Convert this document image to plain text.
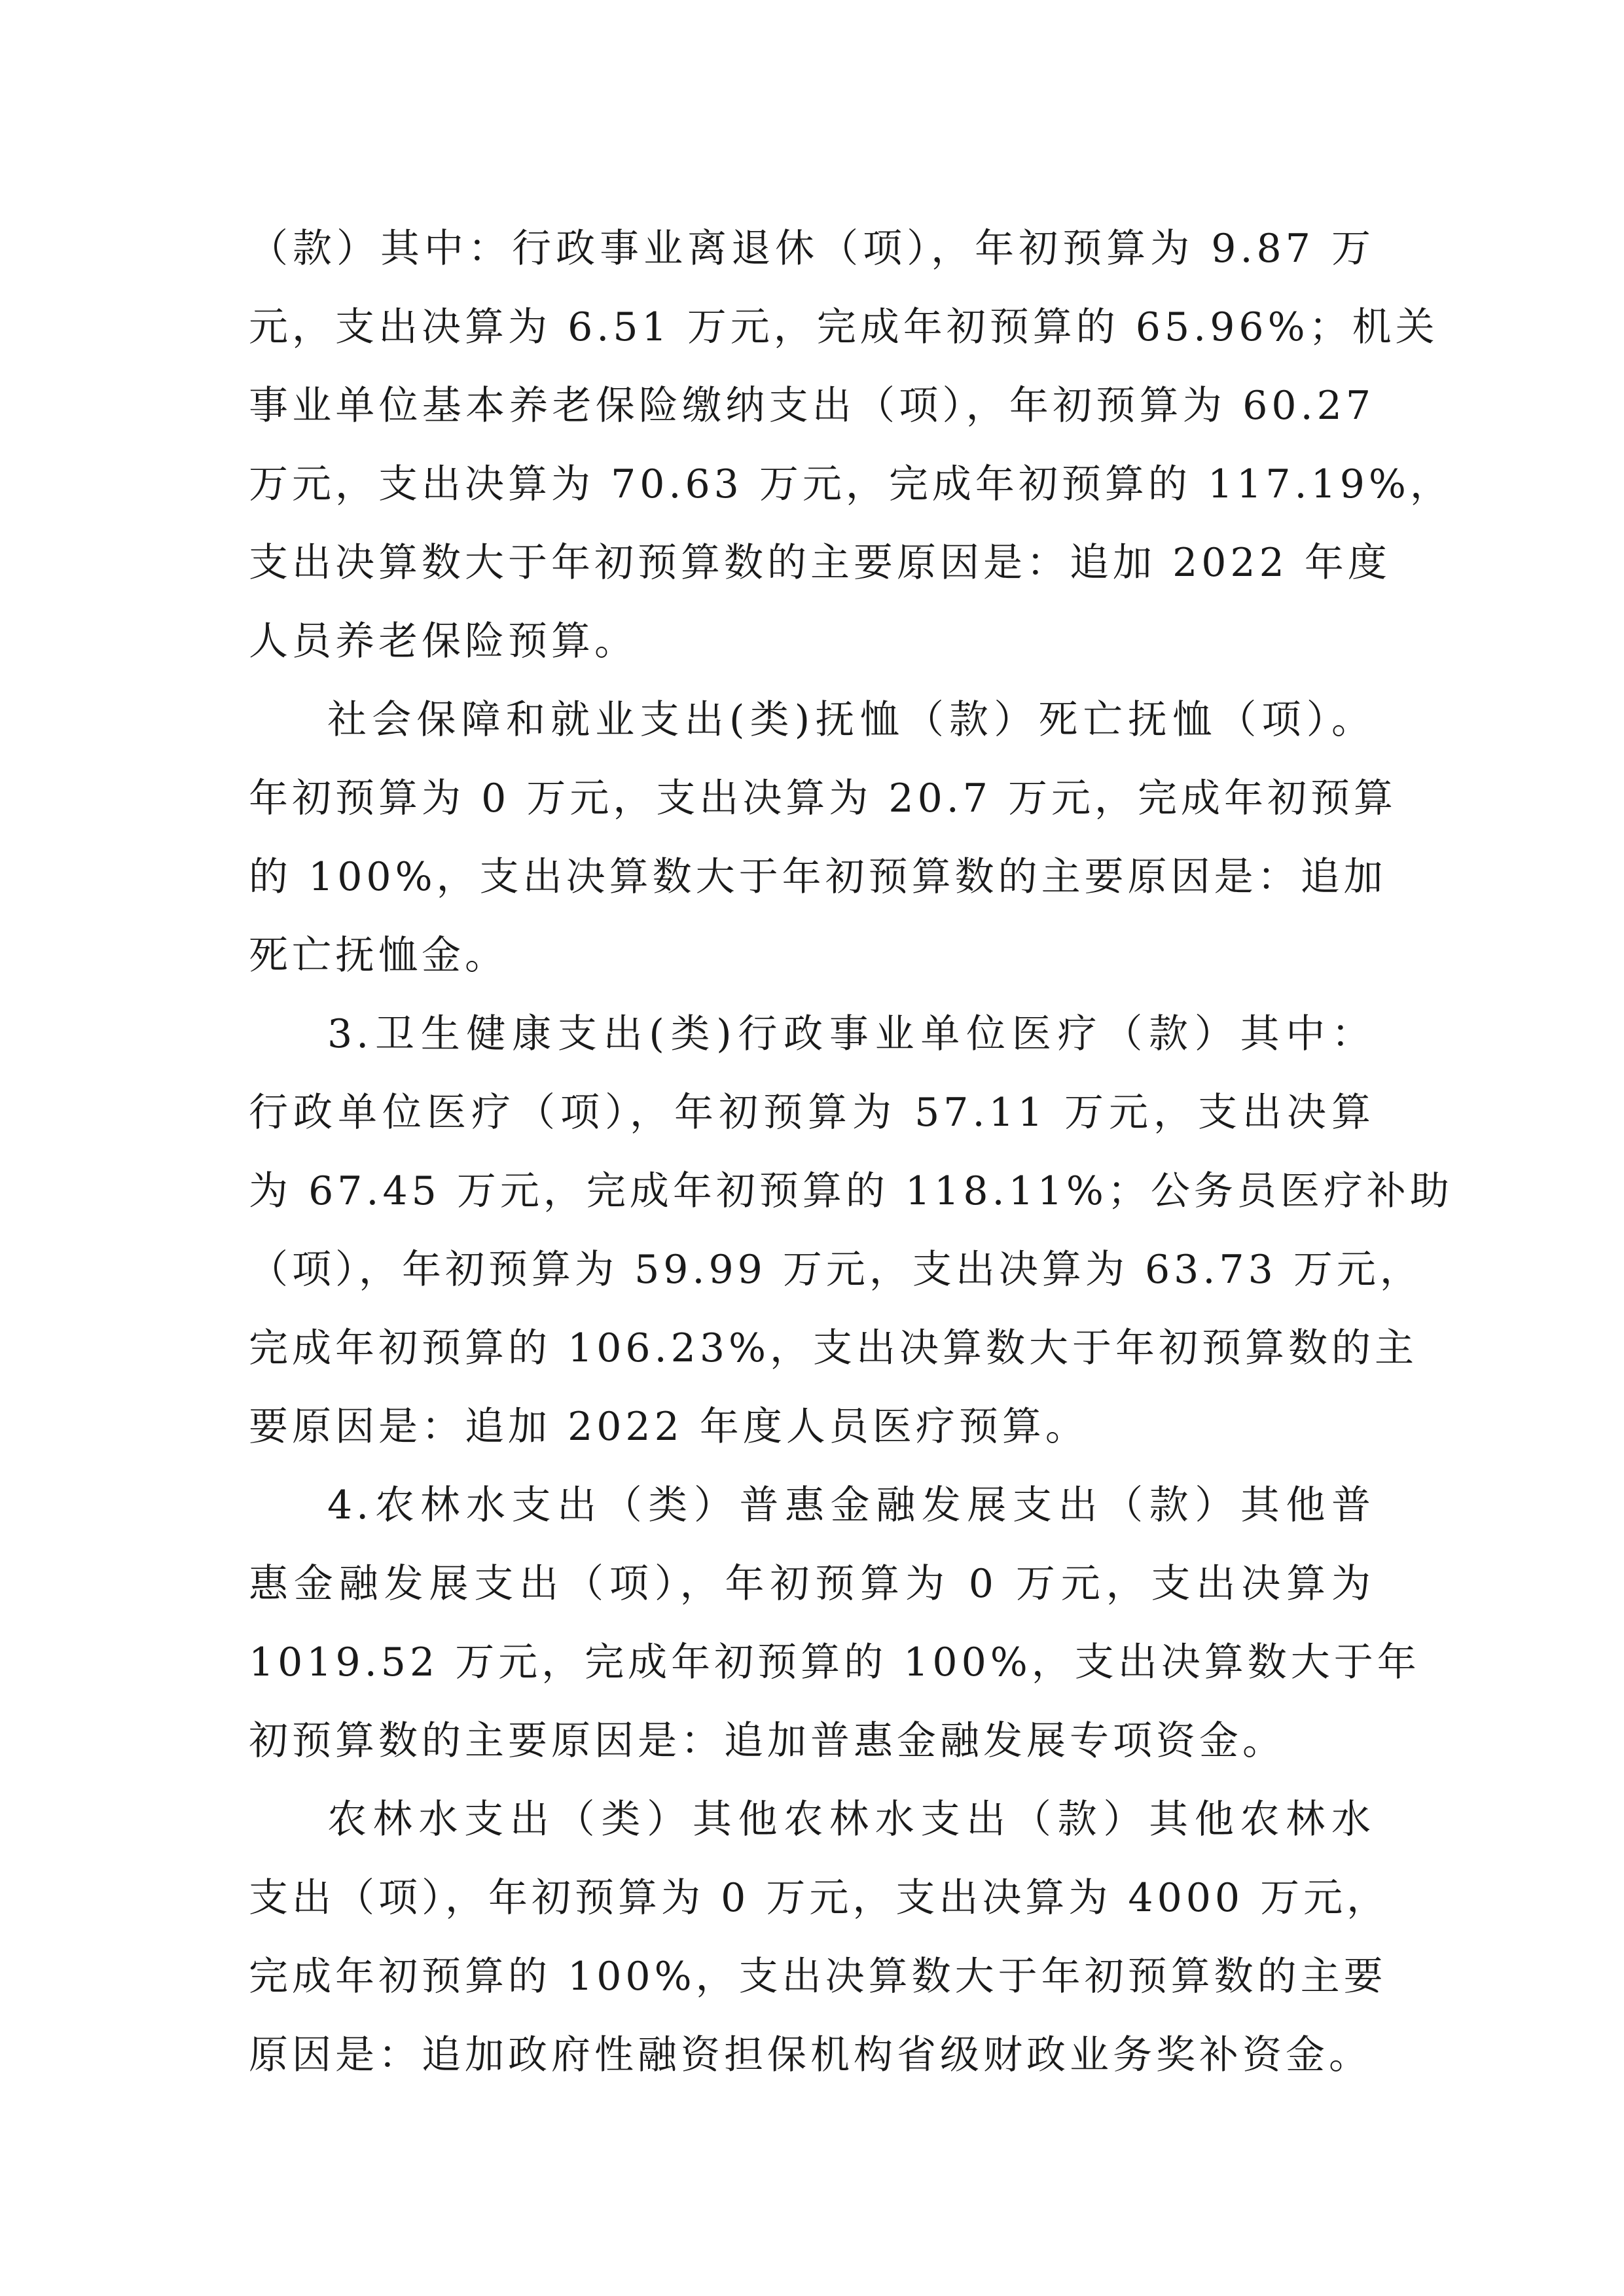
（款）其中：行政事业离退休（项），年初预算为 9.87 万
元，支出决算为 6.51 万元，完成年初预算的 65.96%；机关
事业单位基本养老保险缴纳支出（项），年初预算为 60.27
万元，支出决算为 70.63 万元，完成年初预算的 117.19%，
支出决算数大于年初预算数的主要原因是：追加 2022 年度
人员养老保险预算。

社会保障和就业支出(类)抚恤（款）死亡抚恤（项）。
年初预算为 0 万元，支出决算为 20.7 万元，完成年初预算
的 100%，支出决算数大于年初预算数的主要原因是：追加
死亡抚恤金。

3.卫生健康支出(类)行政事业单位医疗（款）其中：
行政单位医疗（项），年初预算为 57.11 万元，支出决算
为 67.45 万元，完成年初预算的 118.11%；公务员医疗补助
（项），年初预算为 59.99 万元，支出决算为 63.73 万元，
完成年初预算的 106.23%，支出决算数大于年初预算数的主
要原因是：追加 2022 年度人员医疗预算。

4.农林水支出（类）普惠金融发展支出（款）其他普
惠金融发展支出（项），年初预算为 0 万元，支出决算为
1019.52 万元，完成年初预算的 100%，支出决算数大于年
初预算数的主要原因是：追加普惠金融发展专项资金。

农林水支出（类）其他农林水支出（款）其他农林水
支出（项），年初预算为 0 万元，支出决算为 4000 万元，
完成年初预算的 100%，支出决算数大于年初预算数的主要
原因是：追加政府性融资担保机构省级财政业务奖补资金。
